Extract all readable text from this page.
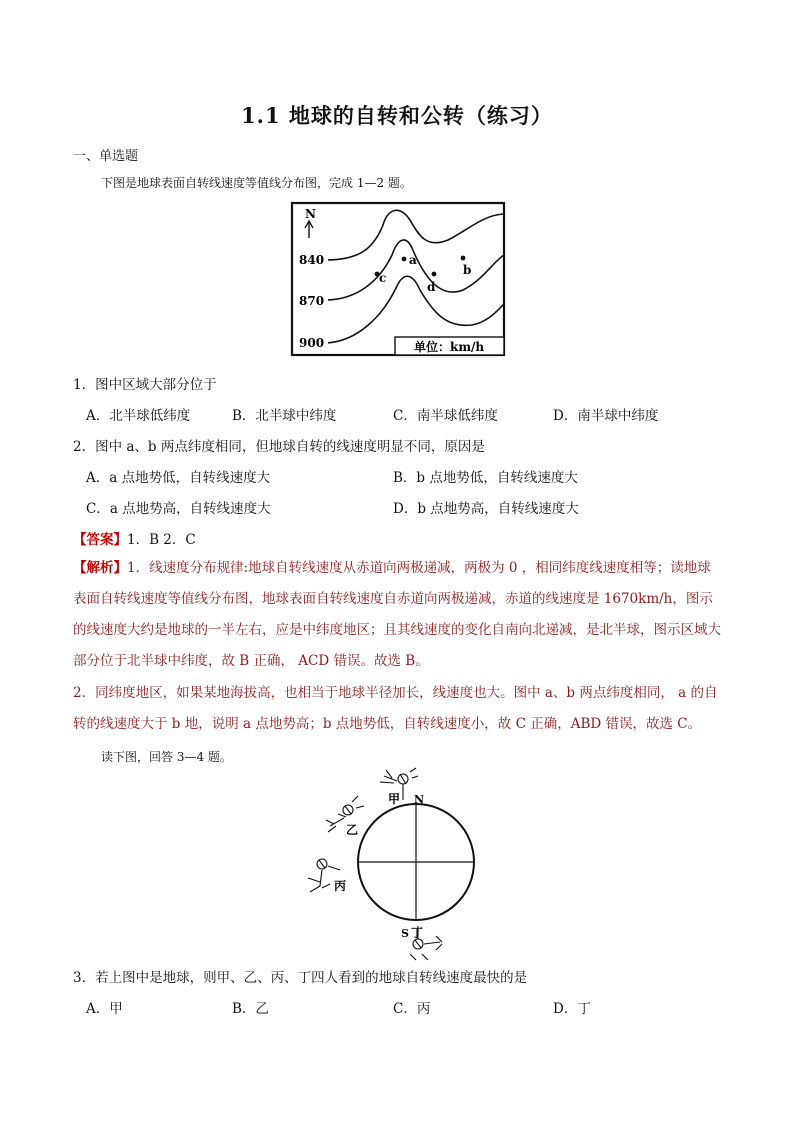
1.1 地球的自转和公转（练习）
一、单选题
下图是地球表面自转线速度等值线分布图，完成 1—2 题。
N
840
870
900
a
b
c
d
单位：km/h
1．图中区域大部分位于
A．北半球低纬度	B．北半球中纬度	C．南半球低纬度	D．南半球中纬度
2．图中 a、b 两点纬度相同，但地球自转的线速度明显不同，原因是
A．a 点地势低，自转线速度大	B．b 点地势低，自转线速度大
C．a 点地势高，自转线速度大	D．b 点地势高，自转线速度大
【答案】1．B 2．C
【解析】1．线速度分布规律:地球自转线速度从赤道向两极递减，两极为 0 ，相同纬度线速度相等；读地球表面自转线速度等值线分布图，地球表面自转线速度自赤道向两极递减，赤道的线速度是 1670km/h，图示的线速度大约是地球的一半左右，应是中纬度地区；且其线速度的变化自南向北递减，是北半球，图示区域大部分位于北半球中纬度，故 B 正确， ACD 错误。故选 B。
2．同纬度地区，如果某地海拔高，也相当于地球半径加长，线速度也大。图中 a、b 两点纬度相同， a 的自转的线速度大于 b 地，说明 a 点地势高；b 点地势低，自转线速度小，故 C 正确，ABD 错误，故选 C。
读下图，回答 3—4 题。
N
S
甲
乙
丙
丁
3．若上图中是地球，则甲、乙、丙、丁四人看到的地球自转线速度最快的是
A．甲	B．乙	C．丙	D．丁
